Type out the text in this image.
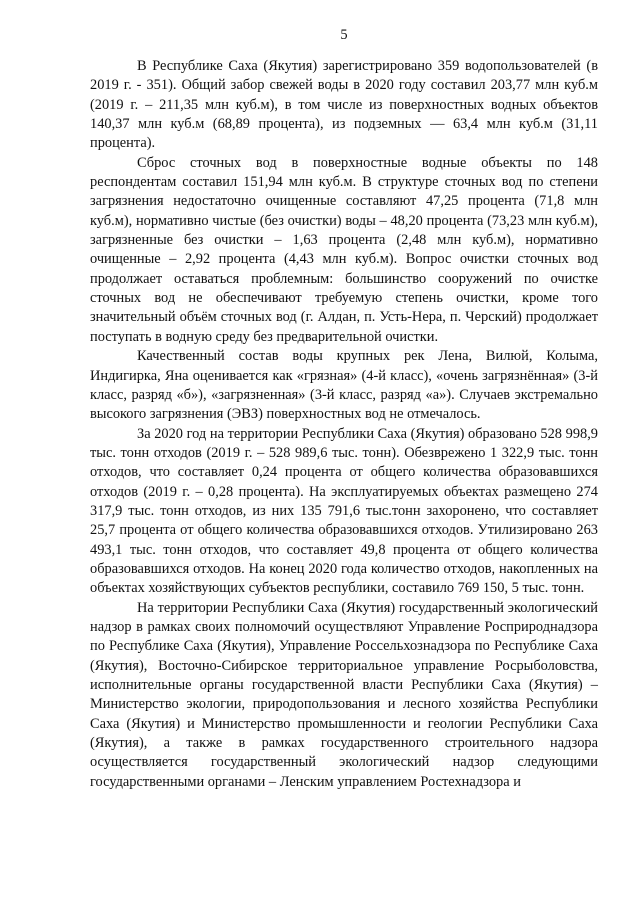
5

В Республике Саха (Якутия) зарегистрировано 359 водопользователей (в 2019 г. - 351). Общий забор свежей воды в 2020 году составил 203,77 млн куб.м (2019 г. – 211,35 млн куб.м), в том числе из поверхностных водных объектов 140,37 млн куб.м (68,89 процента), из подземных — 63,4 млн куб.м (31,11 процента).

Сброс сточных вод в поверхностные водные объекты по 148 респондентам составил 151,94 млн куб.м. В структуре сточных вод по степени загрязнения недостаточно очищенные составляют 47,25 процента (71,8 млн куб.м), нормативно чистые (без очистки) воды – 48,20 процента (73,23 млн куб.м), загрязненные без очистки – 1,63 процента (2,48 млн куб.м), нормативно очищенные – 2,92 процента (4,43 млн куб.м). Вопрос очистки сточных вод продолжает оставаться проблемным: большинство сооружений по очистке сточных вод не обеспечивают требуемую степень очистки, кроме того значительный объём сточных вод (г. Алдан, п. Усть-Нера, п. Черский) продолжает поступать в водную среду без предварительной очистки.

Качественный состав воды крупных рек Лена, Вилюй, Колыма, Индигирка, Яна оценивается как «грязная» (4-й класс), «очень загрязнённая» (3-й класс, разряд «б»), «загрязненная» (3-й класс, разряд «а»). Случаев экстремально высокого загрязнения (ЭВЗ) поверхностных вод не отмечалось.

За 2020 год на территории Республики Саха (Якутия) образовано 528 998,9 тыс. тонн отходов (2019 г. – 528 989,6 тыс. тонн). Обезврежено 1 322,9 тыс. тонн отходов, что составляет 0,24 процента от общего количества образовавшихся отходов (2019 г. – 0,28 процента). На эксплуатируемых объектах размещено 274 317,9 тыс. тонн отходов, из них 135 791,6 тыс.тонн захоронено, что составляет 25,7 процента от общего количества образовавшихся отходов. Утилизировано 263 493,1 тыс. тонн отходов, что составляет 49,8 процента от общего количества образовавшихся отходов. На конец 2020 года количество отходов, накопленных на объектах хозяйствующих субъектов республики, составило 769 150, 5 тыс. тонн.

На территории Республики Саха (Якутия) государственный экологический надзор в рамках своих полномочий осуществляют Управление Росприроднадзора по Республике Саха (Якутия), Управление Россельхознадзора по Республике Саха (Якутия), Восточно-Сибирское территориальное управление Росрыболовства, исполнительные органы государственной власти Республики Саха (Якутия) – Министерство экологии, природопользования и лесного хозяйства Республики Саха (Якутия) и Министерство промышленности и геологии Республики Саха (Якутия), а также в рамках государственного строительного надзора осуществляется государственный экологический надзор следующими государственными органами – Ленским управлением Ростехнадзора и
